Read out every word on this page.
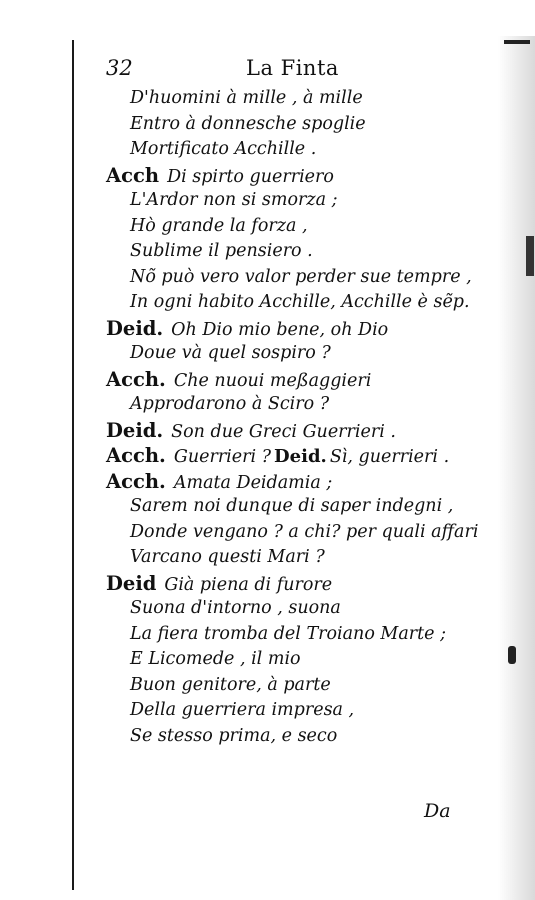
32	La Finta
D'huomini à mille , à mille
Entro à donnesche spoglie
Mortificato Acchille .
Acch Di spirto guerriero
L'Ardor non si smorza ;
Hò grande la forza ,
Sublime il pensiero .
Nõ può vero valor perder sue tempre ,
In ogni habito Acchille, Acchille è sẽp.
Deid. Oh Dio mio bene, oh Dio
Doue và quel sospiro ?
Acch. Che nuoui meßaggieri
Approdarono à Sciro ?
Deid. Son due Greci Guerrieri .
Acch. Guerrieri ? Deid. Sì, guerrieri .
Acch. Amata Deidamia ;
Sarem noi dunque di saper indegni ,
Donde vengano ? a chi? per quali affari
Varcano questi Mari ?
Deid Già piena di furore
Suona d'intorno , suona
La fiera tromba del Troiano Marte ;
E Licomede , il mio
Buon genitore, à parte
Della guerriera impresa ,
Se stesso prima, e seco
Da
